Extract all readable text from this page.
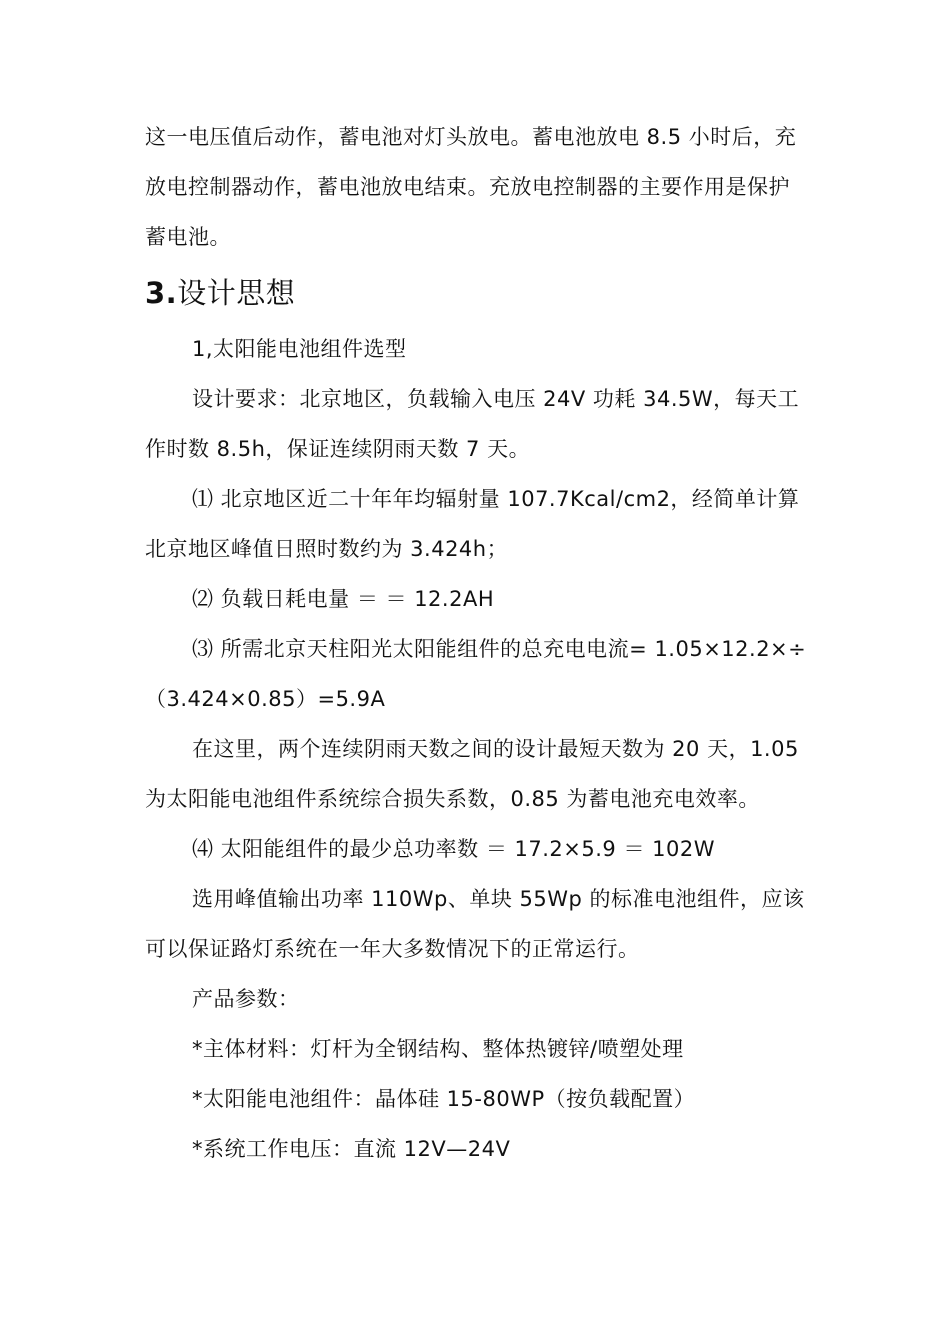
这一电压值后动作，蓄电池对灯头放电。蓄电池放电 8.5 小时后，充放电控制器动作，蓄电池放电结束。充放电控制器的主要作用是保护蓄电池。

3.设计思想

1,太阳能电池组件选型

设计要求：北京地区，负载输入电压 24V 功耗 34.5W，每天工作时数 8.5h，保证连续阴雨天数 7 天。

⑴ 北京地区近二十年年均辐射量 107.7Kcal/cm2，经简单计算北京地区峰值日照时数约为 3.424h；

⑵ 负载日耗电量 ＝ ＝ 12.2AH

⑶ 所需北京天柱阳光太阳能组件的总充电电流= 1.05×12.2×÷（3.424×0.85）=5.9A

在这里，两个连续阴雨天数之间的设计最短天数为 20 天，1.05 为太阳能电池组件系统综合损失系数，0.85 为蓄电池充电效率。

⑷ 太阳能组件的最少总功率数 ＝ 17.2×5.9 ＝ 102W

选用峰值输出功率 110Wp、单块 55Wp 的标准电池组件，应该可以保证路灯系统在一年大多数情况下的正常运行。

产品参数：

*主体材料：灯杆为全钢结构、整体热镀锌/喷塑处理

*太阳能电池组件：晶体硅 15-80WP（按负载配置）

*系统工作电压：直流 12V—24V
